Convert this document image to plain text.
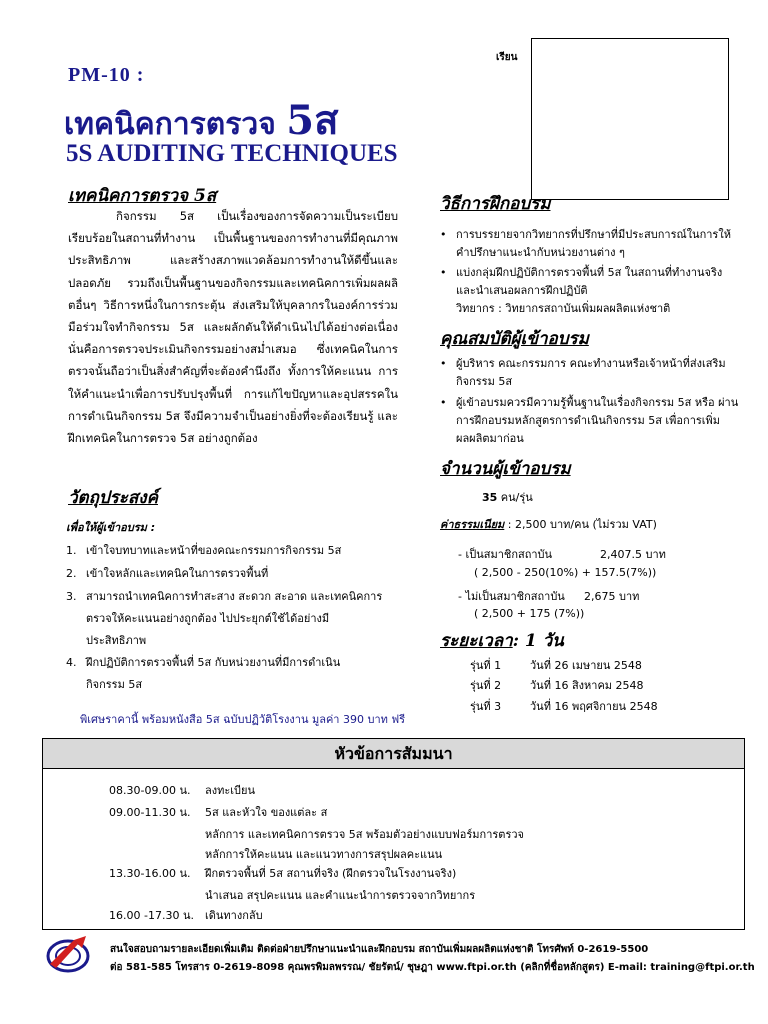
PM-10 :
เทคนิคการตรวจ 5ส
5S AUDITING TECHNIQUES
เรียน
เทคนิคการตรวจ 5ส
กิจกรรม 5ส เป็นเรื่องของการจัดความเป็นระเบียบเรียบร้อยในสถานที่ทำงาน เป็นพื้นฐานของการทำงานที่มีคุณภาพ ประสิทธิภาพ และสร้างสภาพแวดล้อมการทำงานให้ดีขึ้นและปลอดภัย รวมถึงเป็นพื้นฐานของกิจกรรมและเทคนิคการเพิ่มผลผลิตอื่นๆ วิธีการหนึ่งในการกระตุ้น ส่งเสริมให้บุคลากรในองค์การร่วมมือร่วมใจทำกิจกรรม 5ส และผลักดันให้ดำเนินไปได้อย่างต่อเนื่อง นั่นคือการตรวจประเมินกิจกรรมอย่างสม่ำเสมอ ซึ่งเทคนิคในการตรวจนั้นถือว่าเป็นสิ่งสำคัญที่จะต้องคำนึงถึง ทั้งการให้คะแนน การให้คำแนะนำเพื่อการปรับปรุงพื้นที่ การแก้ไขปัญหาและอุปสรรคในการดำเนินกิจกรรม 5ส จึงมีความจำเป็นอย่างยิ่งที่จะต้องเรียนรู้ และฝึกเทคนิคในการตรวจ 5ส อย่างถูกต้อง
วัตถุประสงค์
เพื่อให้ผู้เข้าอบรม :
1. เข้าใจบทบาทและหน้าที่ของคณะกรรมการกิจกรรม 5ส
2. เข้าใจหลักและเทคนิคในการตรวจพื้นที่
3. สามารถนำเทคนิคการทำสะสาง สะดวก สะอาด และเทคนิคการตรวจให้คะแนนอย่างถูกต้อง ไปประยุกต์ใช้ได้อย่างมีประสิทธิภาพ
4. ฝึกปฏิบัติการตรวจพื้นที่ 5ส กับหน่วยงานที่มีการดำเนินกิจกรรม 5ส
พิเศษราคานี้ พร้อมหนังสือ 5ส ฉบับปฏิวัติโรงงาน มูลค่า 390 บาท ฟรี
วิธีการฝึกอบรม
• การบรรยายจากวิทยากรที่ปรึกษาที่มีประสบการณ์ในการให้คำปรึกษาแนะนำกับหน่วยงานต่าง ๆ
• แบ่งกลุ่มฝึกปฏิบัติการตรวจพื้นที่ 5ส ในสถานที่ทำงานจริง และนำเสนอผลการฝึกปฏิบัติ
วิทยากร : วิทยากรสถาบันเพิ่มผลผลิตแห่งชาติ
คุณสมบัติผู้เข้าอบรม
• ผู้บริหาร คณะกรรมการ คณะทำงานหรือเจ้าหน้าที่ส่งเสริมกิจกรรม 5ส
• ผู้เข้าอบรมควรมีความรู้พื้นฐานในเรื่องกิจกรรม 5ส หรือ ผ่านการฝึกอบรมหลักสูตรการดำเนินกิจกรรม 5ส เพื่อการเพิ่มผลผลิตมาก่อน
จำนวนผู้เข้าอบรม
35 คน/รุ่น
ค่าธรรมเนียม : 2,500 บาท/คน (ไม่รวม VAT)
- เป็นสมาชิกสถาบัน	2,407.5 บาท
( 2,500 - 250(10%) + 157.5(7%))
- ไม่เป็นสมาชิกสถาบัน 2,675 บาท
( 2,500 + 175 (7%))
ระยะเวลา: 1 วัน
รุ่นที่ 1	วันที่ 26 เมษายน 2548
รุ่นที่ 2	วันที่ 16 สิงหาคม 2548
รุ่นที่ 3	วันที่ 16 พฤศจิกายน 2548
หัวข้อการสัมมนา
08.30-09.00 น. ลงทะเบียน
09.00-11.30 น. 5ส และหัวใจ ของแต่ละ ส
หลักการ และเทคนิคการตรวจ 5ส พร้อมตัวอย่างแบบฟอร์มการตรวจ
หลักการให้คะแนน และแนวทางการสรุปผลคะแนน
13.30-16.00 น. ฝึกตรวจพื้นที่ 5ส สถานที่จริง (ฝึกตรวจในโรงงานจริง)
นำเสนอ สรุปคะแนน และคำแนะนำการตรวจจากวิทยากร
16.00 -17.30 น. เดินทางกลับ
สนใจสอบถามรายละเอียดเพิ่มเติม ติดต่อฝ่ายปรึกษาแนะนำและฝึกอบรม สถาบันเพิ่มผลผลิตแห่งชาติ โทรศัพท์ 0-2619-5500
ต่อ 581-585 โทรสาร 0-2619-8098 คุณพรพิมลพรรณ/ ชัยรัตน์/ ชุษฎา www.ftpi.or.th (คลิกที่ชื่อหลักสูตร) E-mail: training@ftpi.or.th
